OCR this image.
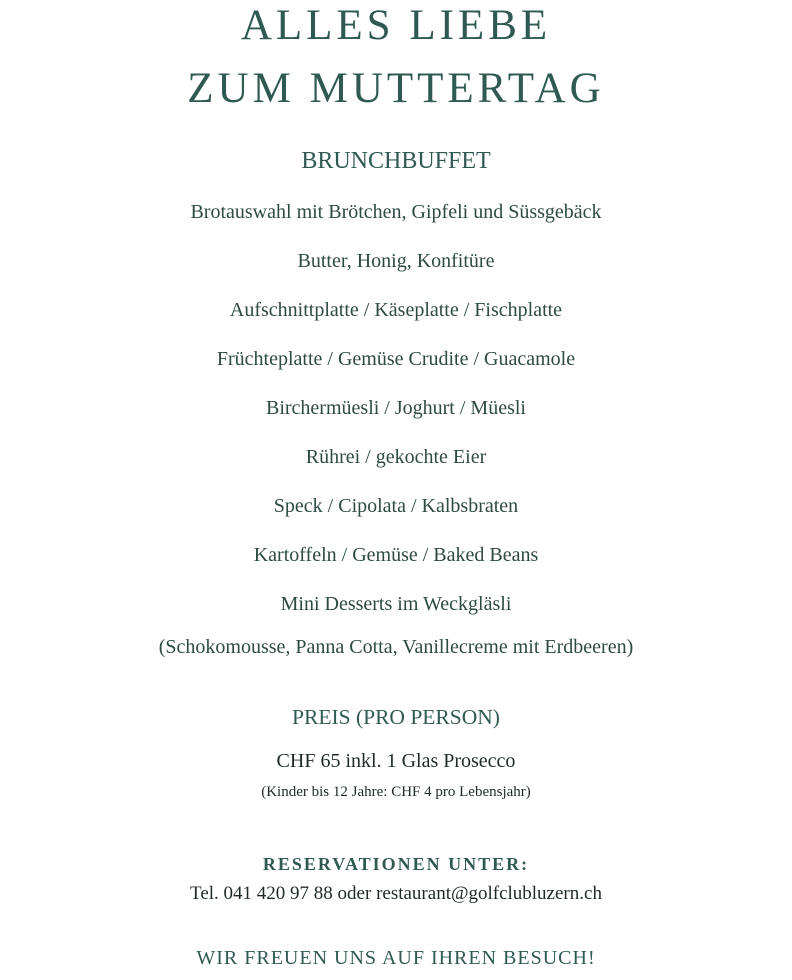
ALLES LIEBE
ZUM MUTTERTAG
BRUNCHBUFFET
Brotauswahl mit Brötchen, Gipfeli und Süssgebäck
Butter, Honig, Konfitüre
Aufschnittplatte / Käseplatte / Fischplatte
Früchteplatte / Gemüse Crudite / Guacamole
Birchermüesli / Joghurt / Müesli
Rührei / gekochte Eier
Speck / Cipolata / Kalbsbraten
Kartoffeln / Gemüse / Baked Beans
Mini Desserts im Weckgläsli
(Schokomousse, Panna Cotta, Vanillecreme mit Erdbeeren)
PREIS (PRO PERSON)
CHF 65 inkl. 1 Glas Prosecco
(Kinder bis 12 Jahre: CHF 4 pro Lebensjahr)
RESERVATIONEN UNTER:
Tel. 041 420 97 88 oder restaurant@golfclubluzern.ch
WIR FREUEN UNS AUF IHREN BESUCH!
